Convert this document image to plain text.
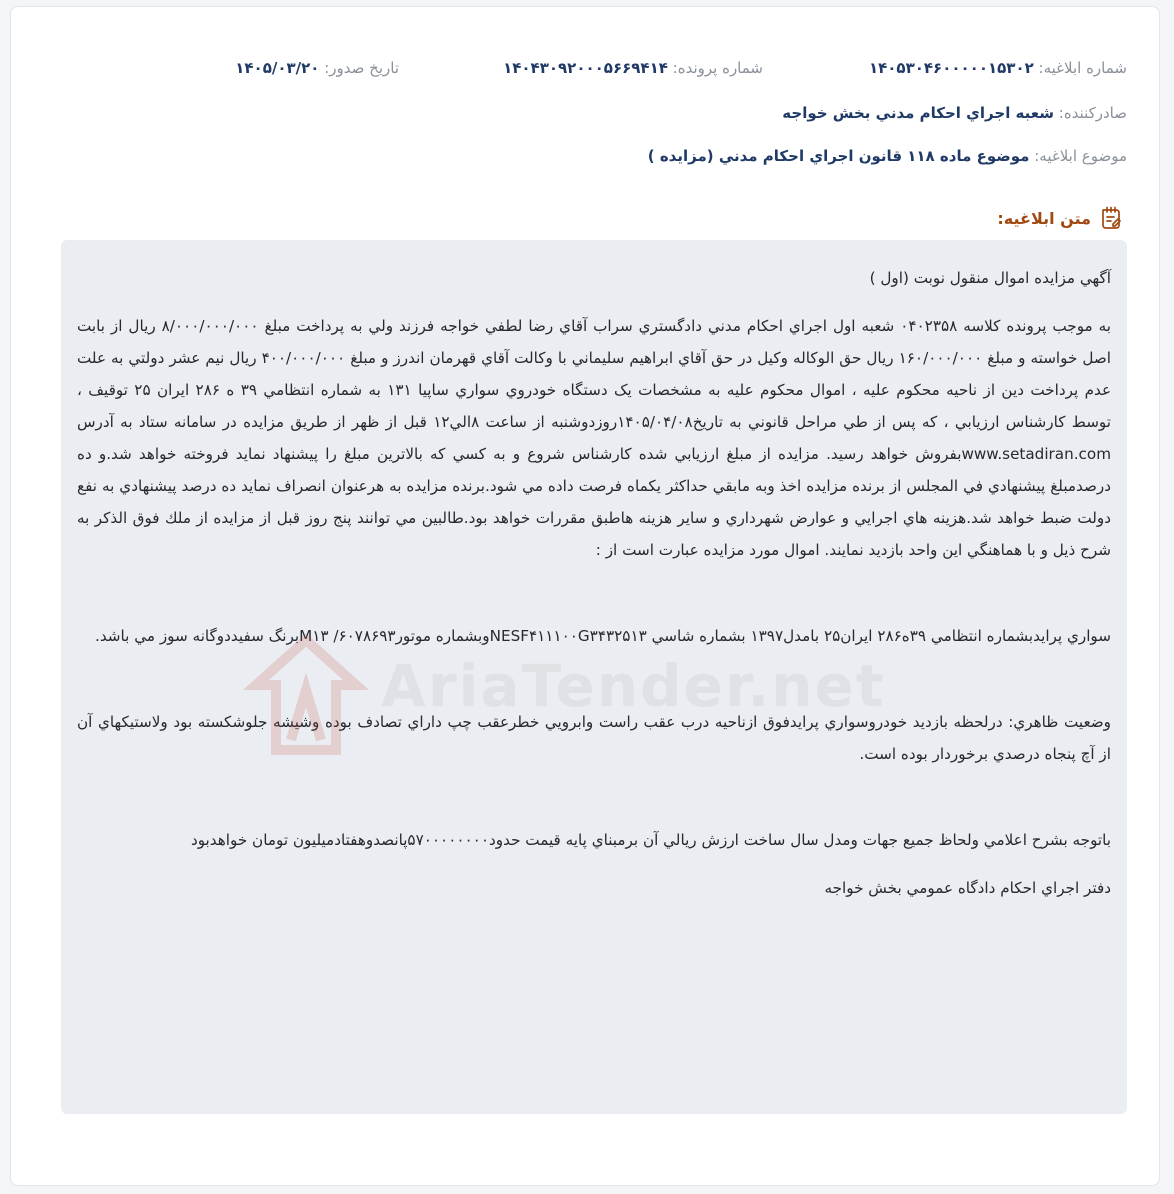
شماره ابلاغيه: ۱۴۰۵۳۰۴۶۰۰۰۰۰۱۵۳۰۲
شماره پرونده: ۱۴۰۴۳۰۹۲۰۰۰۵۶۶۹۴۱۴
تاريخ صدور: ۱۴۰۵/۰۳/۲۰
صادرکننده: شعبه اجراي احکام مدني بخش خواجه
موضوع ابلاغيه: موضوع ماده ۱۱۸ قانون اجراي احكام مدني (مزايده )
متن ابلاغيه:
AriaTender.net

آگهي مزايده اموال منقول نوبت (اول )

به موجب پرونده كلاسه ۰۴۰۲۳۵۸ شعبه اول اجراي احكام مدني دادگستري سراب آقاي رضا لطفي خواجه فرزند ولي به پرداخت مبلغ ۸/۰۰۰/۰۰۰/۰۰۰ ريال از بابت اصل خواسته و مبلغ ۱۶۰/۰۰۰/۰۰۰ ريال حق الوكاله وكيل در حق آقاي ابراهيم سليماني با وكالت آقاي قهرمان اندرز و مبلغ ۴۰۰/۰۰۰/۰۰۰ ريال نيم عشر دولتي به علت عدم پرداخت دين از ناحيه محكوم عليه ، اموال محكوم عليه به مشخصات يک دستگاه خودروي سواري ساپيا ۱۳۱ به شماره انتظامي ۳۹ ه ۲۸۶ ايران ۲۵ توقيف ، توسط كارشناس ارزيابي ، كه پس از طي مراحل قانوني به تاريخ۱۴۰۵/۰۴/۰۸روزدوشنبه از ساعت ۸الي۱۲ قبل از ظهر از طريق مزايده در سامانه ستاد به آدرس www.setadiran.comبفروش خواهد رسيد. مزايده از مبلغ ارزيابي شده كارشناس شروع و به كسي كه بالاترين مبلغ را پيشنهاد نمايد فروخته خواهد شد.و ده درصدمبلغ پيشنهادي في المجلس از برنده مزايده اخذ وبه مابقي حداكثر يكماه فرصت داده مي شود.برنده مزايده به هرعنوان انصراف نمايد ده درصد پيشنهادي به نفع دولت ضبط خواهد شد.هزينه هاي اجرايي و عوارض شهرداري و ساير هزينه هاطبق مقررات خواهد بود.طالبين مي توانند پنج روز قبل از مزايده از ملك فوق الذكر به شرح ذيل و با هماهنگي اين واحد بازديد نمايند. اموال مورد مزايده عبارت است از :

سواري پرايدبشماره انتظامي ۳۹ه۲۸۶ ايران۲۵ بامدل۱۳۹۷ بشماره شاسي NESF۴۱۱۱۰۰G۳۴۳۲۵۱۳وبشماره موتور۶۰۷۸۶۹۳/ M۱۳برنگ سفيددوگانه سوز مي باشد.

وضعيت ظاهري: درلحظه بازديد خودروسواري پرايدفوق ازناحيه درب عقب راست وابرويي خطرعقب چپ داراي تصادف بوده وشيشه جلوشكسته بود ولاستيكهاي آن از آچ پنجاه درصدي برخوردار بوده است.

باتوجه بشرح اعلامي ولحاظ جميع جهات ومدل سال ساخت ارزش ريالي آن برمبناي پايه قيمت حدود۵۷۰۰۰۰۰۰۰۰پانصدوهفتادميليون تومان خواهدبود

دفتر اجراي احكام دادگاه عمومي بخش خواجه
